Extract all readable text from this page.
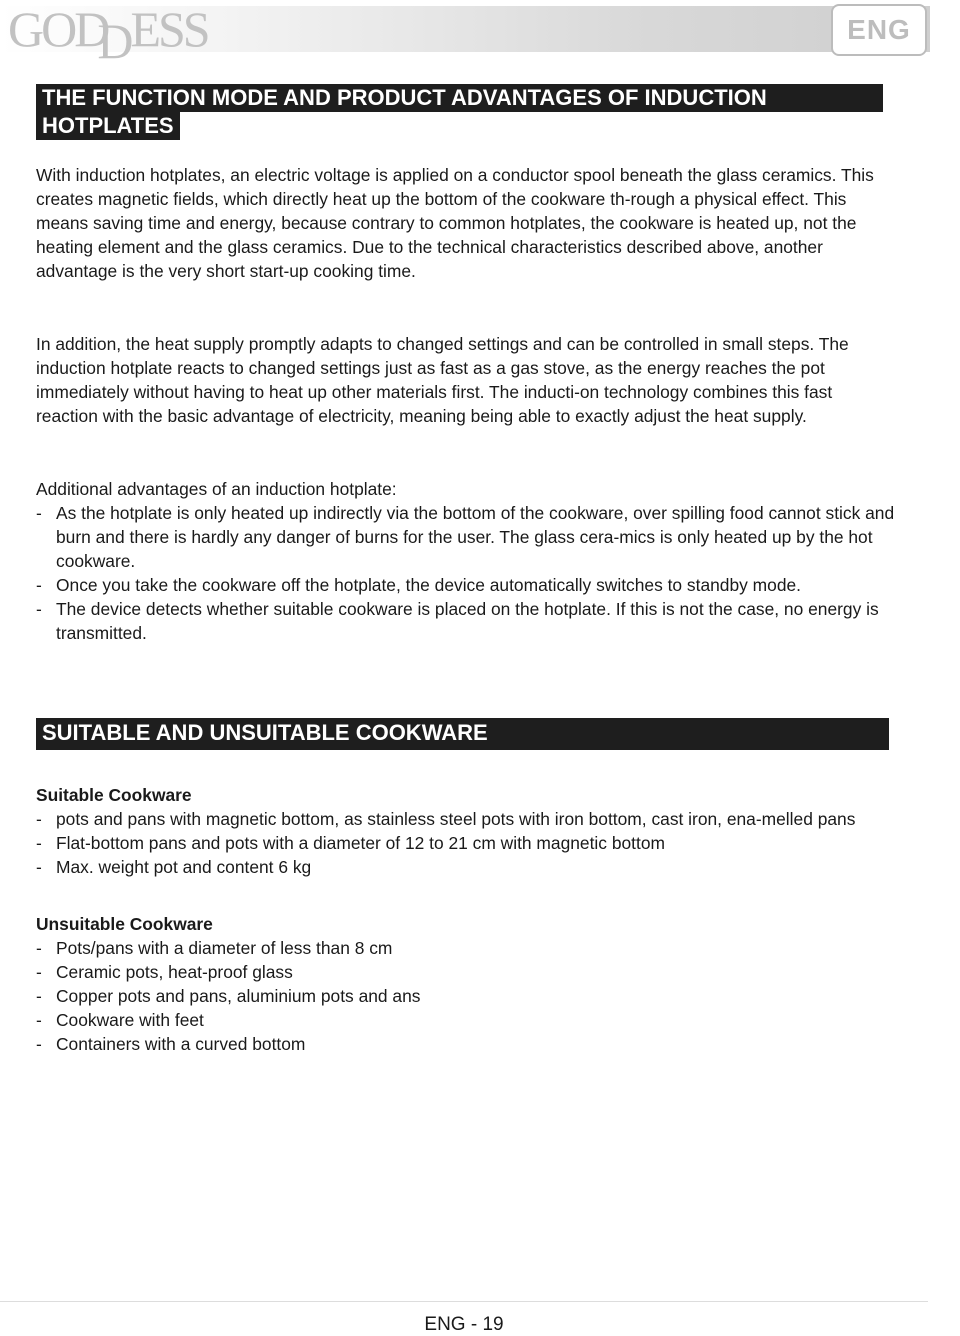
GODDESS	ENG
THE FUNCTION MODE AND PRODUCT ADVANTAGES OF INDUCTION
HOTPLATES

With induction hotplates, an electric voltage is applied on a conductor spool beneath the glass ceramics. This creates magnetic fields, which directly heat up the bottom of the cookware th-rough a physical effect. This means saving time and energy, because contrary to common hotplates, the cookware is heated up, not the heating element and the glass ceramics. Due to the technical characteristics described above, another advantage is the very short start-up cooking time.

In addition, the heat supply promptly adapts to changed settings and can be controlled in small steps. The induction hotplate reacts to changed settings just as fast as a gas stove, as the energy reaches the pot immediately without having to heat up other materials first. The inducti-on technology combines this fast reaction with the basic advantage of electricity, meaning being able to exactly adjust the heat supply.

Additional advantages of an induction hotplate:

- As the hotplate is only heated up indirectly via the bottom of the cookware, over spilling food cannot stick and burn and there is hardly any danger of burns for the user. The glass cera-mics is only heated up by the hot cookware.
- Once you take the cookware off the hotplate, the device automatically switches to standby mode.
- The device detects whether suitable cookware is placed on the hotplate. If this is not the case, no energy is transmitted.
SUITABLE AND UNSUITABLE COOKWARE
Suitable Cookware
- pots and pans with magnetic bottom, as stainless steel pots with iron bottom, cast iron, ena-melled pans
- Flat-bottom pans and pots with a diameter of 12 to 21 cm with magnetic bottom
- Max. weight pot and content 6 kg
Unsuitable Cookware
- Pots/pans with a diameter of less than 8 cm
- Ceramic pots, heat-proof glass
- Copper pots and pans, aluminium pots and ans
- Cookware with feet
- Containers with a curved bottom
ENG - 19
